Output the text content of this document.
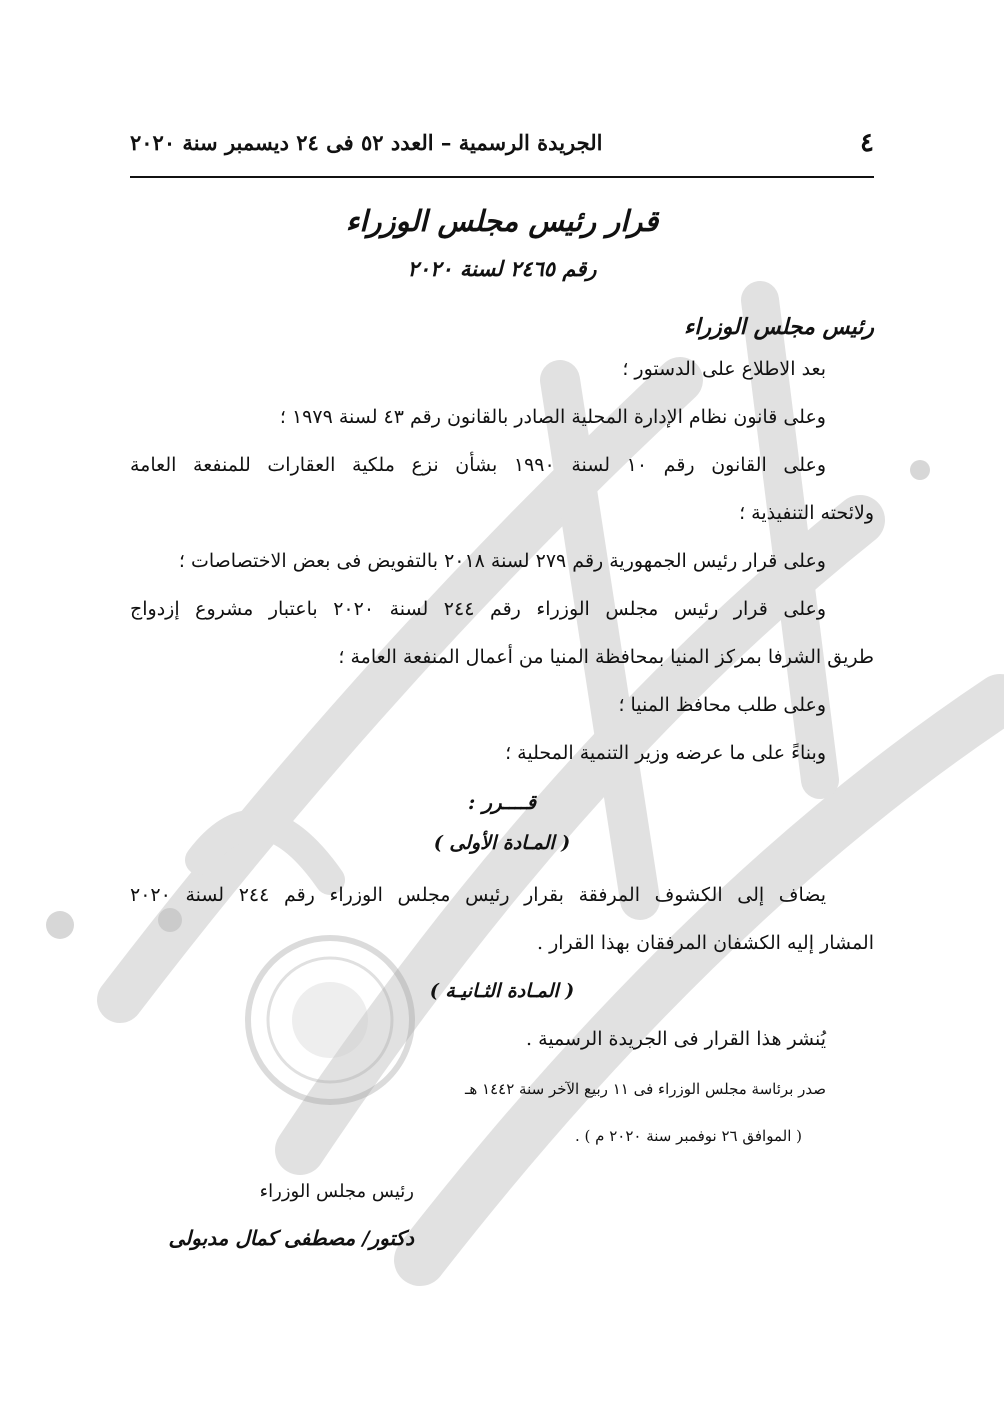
٤
الجريدة الرسمية – العدد ٥٢ فى ٢٤ ديسمبر سنة ٢٠٢٠
قرار رئيس مجلس الوزراء
رقم ٢٤٦٥ لسنة ٢٠٢٠
رئيس مجلس الوزراء
بعد الاطلاع على الدستور ؛
وعلى قانون نظام الإدارة المحلية الصادر بالقانون رقم ٤٣ لسنة ١٩٧٩ ؛
وعلى القانون رقم ١٠ لسنة ١٩٩٠ بشأن نزع ملكية العقارات للمنفعة العامة
ولائحته التنفيذية ؛
وعلى قرار رئيس الجمهورية رقم ٢٧٩ لسنة ٢٠١٨ بالتفويض فى بعض الاختصاصات ؛
وعلى قرار رئيس مجلس الوزراء رقم ٢٤٤ لسنة ٢٠٢٠ باعتبار مشروع إزدواج
طريق الشرفا بمركز المنيا بمحافظة المنيا من أعمال المنفعة العامة ؛
وعلى طلب محافظ المنيا ؛
وبناءً على ما عرضه وزير التنمية المحلية ؛
قــــرر :
( المـادة الأولى )
يضاف إلى الكشوف المرفقة بقرار رئيس مجلس الوزراء رقم ٢٤٤ لسنة ٢٠٢٠
المشار إليه الكشفان المرفقان بهذا القرار .
( المـادة الثـانيـة )
يُنشر هذا القرار فى الجريدة الرسمية .
صدر برئاسة مجلس الوزراء فى ١١ ربيع الآخر سنة ١٤٤٢ هـ
( الموافق ٢٦ نوفمبر سنة ٢٠٢٠ م ) .
رئيس مجلس الوزراء
دكتور/ مصطفى كمال مدبولى
